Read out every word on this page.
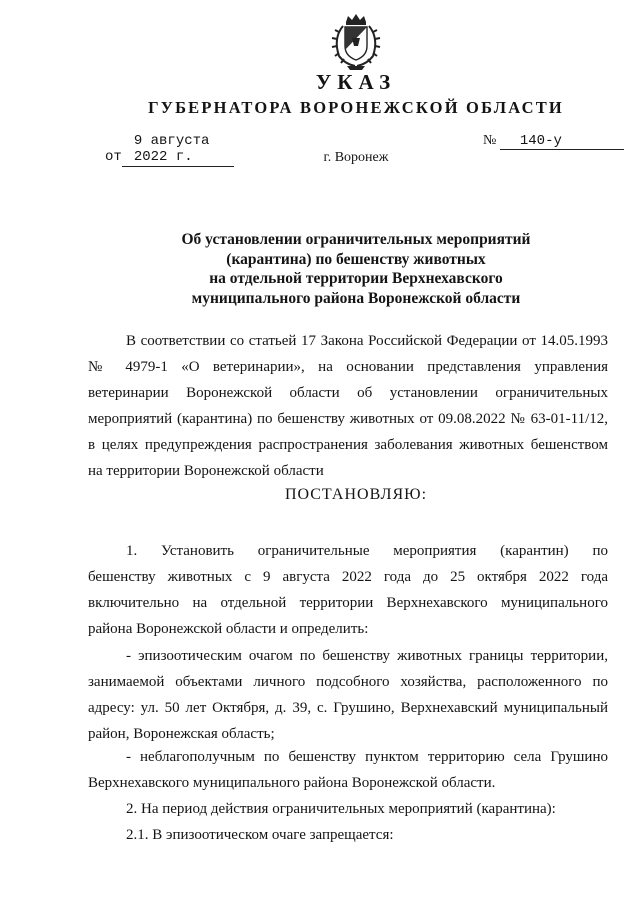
УКАЗ
ГУБЕРНАТОРА ВОРОНЕЖСКОЙ ОБЛАСТИ
от9 августа 2022 г.
№ 140-у
г. Воронеж
Об установлении ограничительных мероприятий
(карантина) по бешенству животных
на отдельной территории Верхнехавского
муниципального района Воронежской области
В соответствии со статьей 17 Закона Российской Федерации от 14.05.1993
№ 4979-1 «О ветеринарии», на основании представления управления
ветеринарии Воронежской области об установлении ограничительных
мероприятий (карантина) по бешенству животных от 09.08.2022 № 63-01-11/12,
в целях предупреждения распространения заболевания животных бешенством
на территории Воронежской области
ПОСТАНОВЛЯЮ:
1. Установить ограничительные мероприятия (карантин) по
бешенству животных с 9 августа 2022 года до 25 октября 2022 года
включительно на отдельной территории Верхнехавского муниципального
района Воронежской области и определить:
- эпизоотическим очагом по бешенству животных границы территории,
занимаемой объектами личного подсобного хозяйства, расположенного по
адресу: ул. 50 лет Октября, д. 39, с. Грушино, Верхнехавский муниципальный
район, Воронежская область;
- неблагополучным по бешенству пунктом территорию села Грушино
Верхнехавского муниципального района Воронежской области.
2. На период действия ограничительных мероприятий (карантина):
2.1. В эпизоотическом очаге запрещается:
